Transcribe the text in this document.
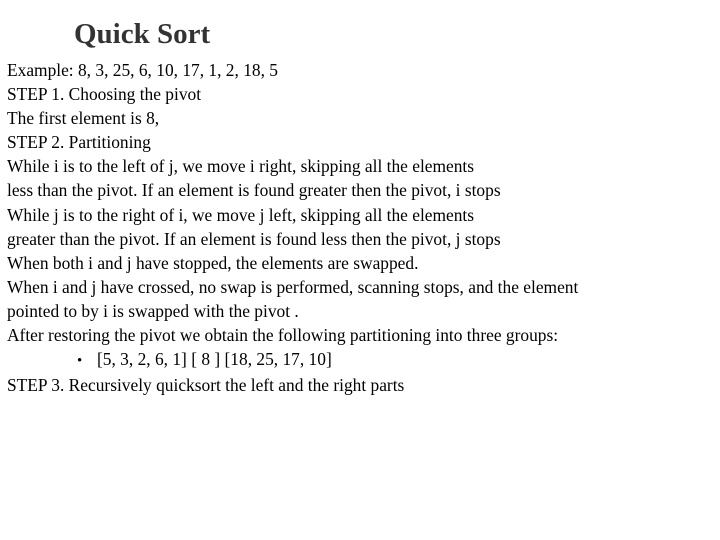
Quick Sort
Example: 8, 3, 25, 6, 10, 17, 1, 2, 18, 5
STEP 1. Choosing the pivot
The first element is 8,
STEP 2. Partitioning
While i is to the left of j, we move i right, skipping all the elements
less than the pivot. If an element is found greater then the pivot, i stops
While j is to the right of i, we move j left, skipping all the elements
greater than the pivot. If an element is found less then the pivot, j stops
When both i and j have stopped, the elements are swapped.
When i and j have crossed, no swap is performed, scanning stops, and the element
pointed to by i is swapped with the pivot .
After restoring the pivot we obtain the following partitioning into three groups:
• [5, 3, 2, 6, 1] [ 8 ] [18, 25, 17, 10]
STEP 3. Recursively quicksort the left and the right parts
